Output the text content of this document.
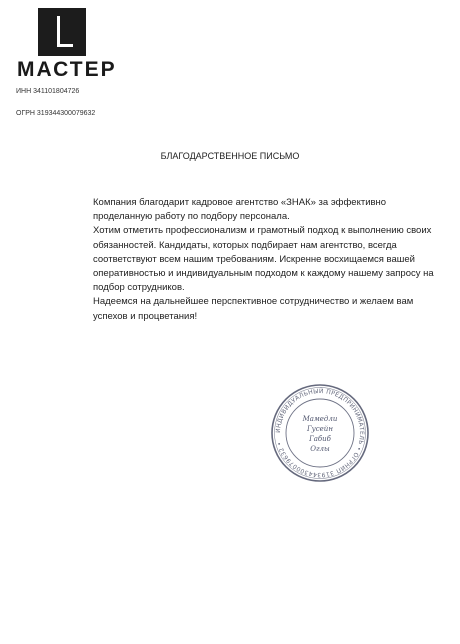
МАСТЕР
ИНН 341101804726
ОГРН 319344300079632
БЛАГОДАРСТВЕННОЕ ПИСЬМО

Компания благодарит кадровое агентство «ЗНАК» за эффективно проделанную работу по подбору персонала.

Хотим отметить профессионализм и грамотный подход к выполнению своих обязанностей. Кандидаты, которых подбирает нам агентство, всегда соответствуют всем нашим требованиям. Искренне восхищаемся вашей оперативностью и индивидуальным подходом к каждому нашему запросу на подбор сотрудников.

Надеемся на дальнейшее перспективное сотрудничество и желаем вам успехов и процветания!

ИНДИВИДУАЛЬНЫЙ ПРЕДПРИНИМАТЕЛЬ • ОГРНИП 319344300079632 •
Мамедли
Гусейн
Габиб
Оглы
